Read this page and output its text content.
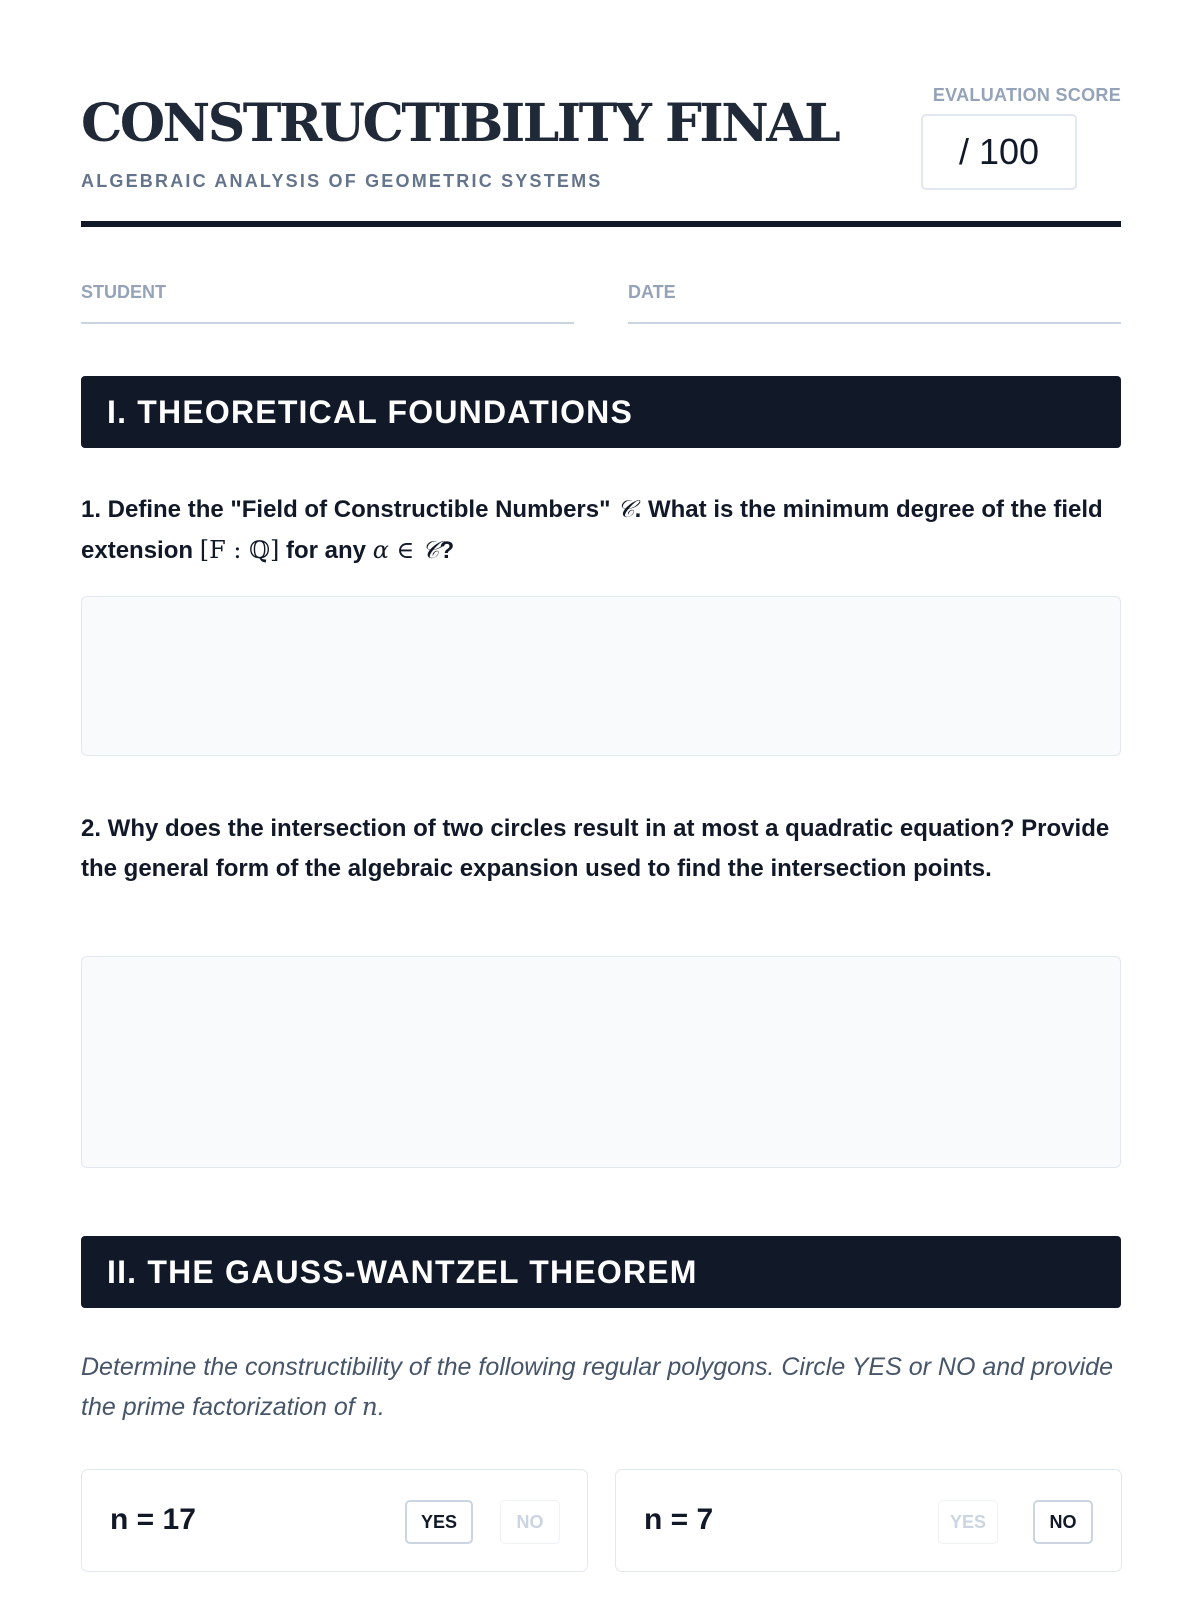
CONSTRUCTIBILITY FINAL
ALGEBRAIC ANALYSIS OF GEOMETRIC SYSTEMS
EVALUATION SCORE
/ 100
STUDENT	DATE
I. THEORETICAL FOUNDATIONS
1. Define the "Field of Constructible Numbers" 𝒞. What is the minimum degree of the field extension [F : ℚ] for any α ∈ 𝒞?
2. Why does the intersection of two circles result in at most a quadratic equation? Provide the general form of the algebraic expansion used to find the intersection points.
II. THE GAUSS-WANTZEL THEOREM
Determine the constructibility of the following regular polygons. Circle YES or NO and provide the prime factorization of n.
n = 17	YES	NO	n = 7	YES	NO
